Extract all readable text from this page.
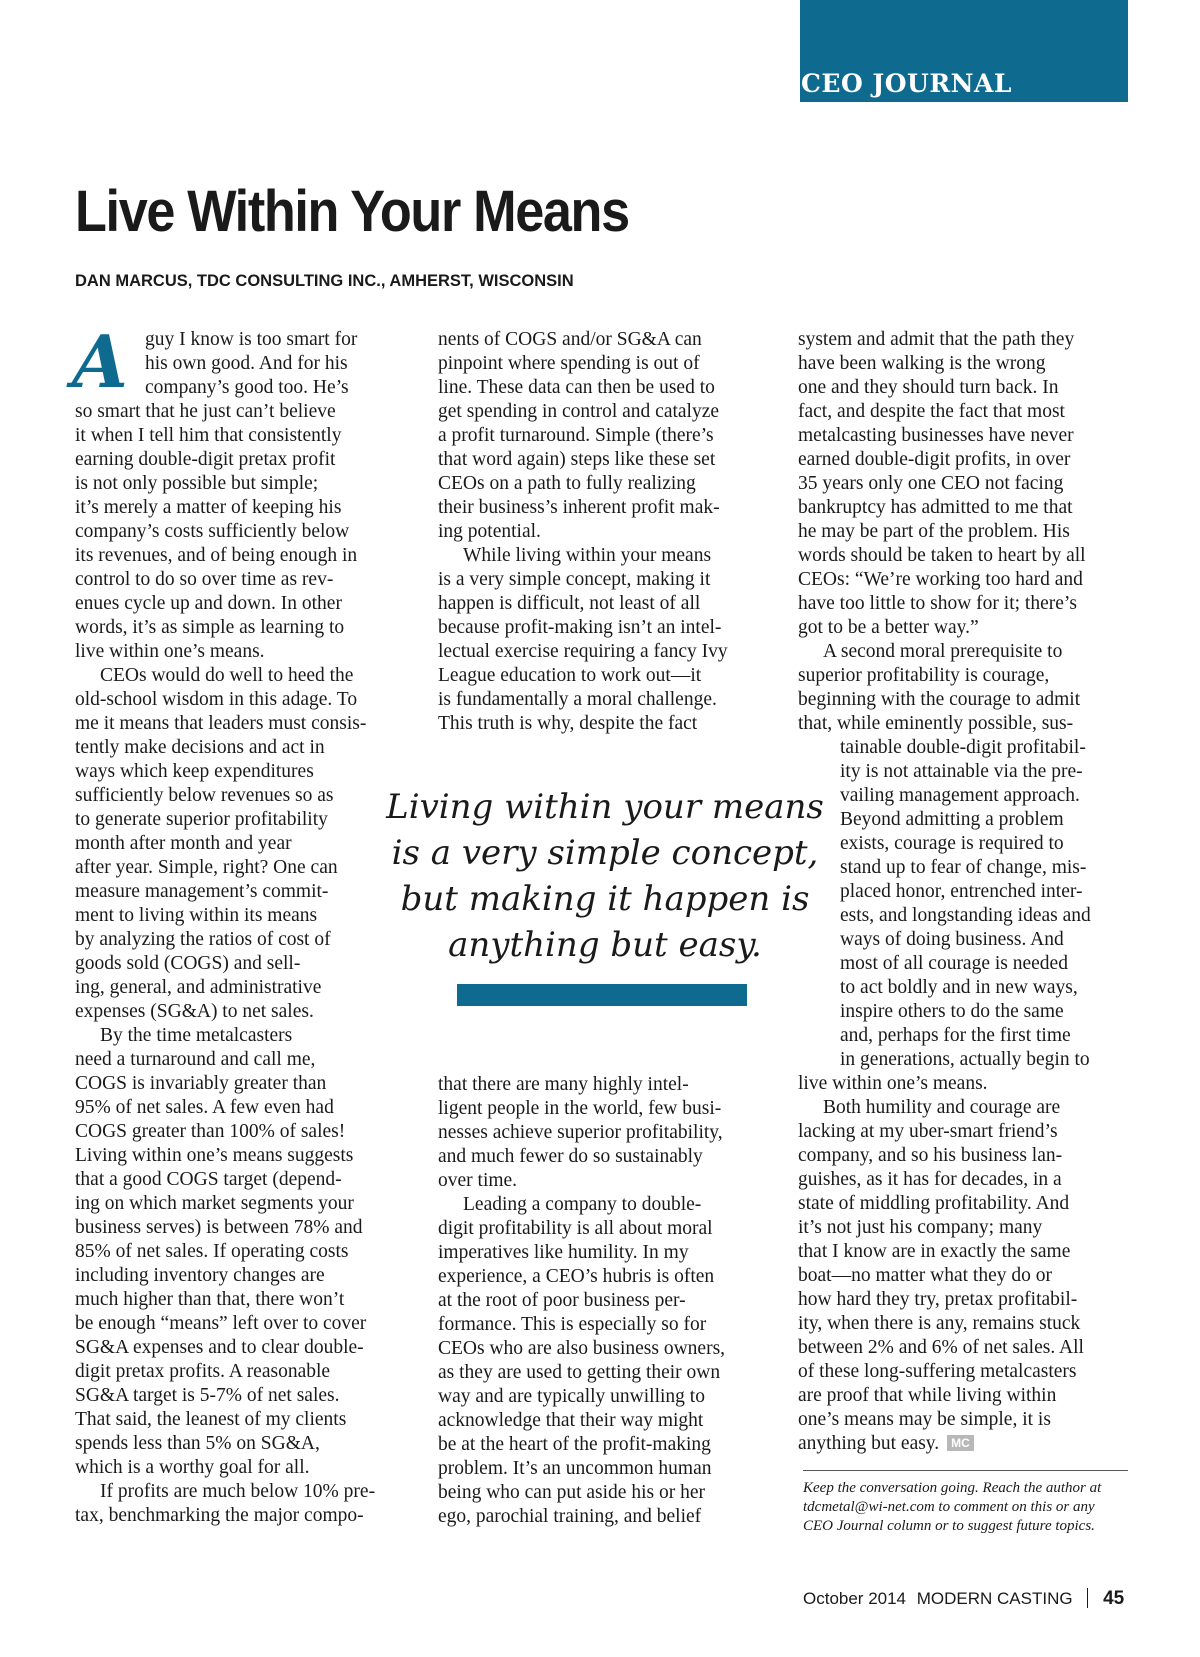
CEO JOURNAL
Live Within Your Means
DAN MARCUS, TDC CONSULTING INC., AMHERST, WISCONSIN
A guy I know is too smart for
his own good. And for his
company’s good too. He’s
so smart that he just can’t believe
it when I tell him that consistently
earning double-digit pretax profit
is not only possible but simple;
it’s merely a matter of keeping his
company’s costs sufficiently below
its revenues, and of being enough in
control to do so over time as rev-
enues cycle up and down. In other
words, it’s as simple as learning to
live within one’s means.
CEOs would do well to heed the
old-school wisdom in this adage. To
me it means that leaders must consis-
tently make decisions and act in
ways which keep expenditures
sufficiently below revenues so as
to generate superior profitability
month after month and year
after year. Simple, right? One can
measure management’s commit-
ment to living within its means
by analyzing the ratios of cost of
goods sold (COGS) and sell-
ing, general, and administrative
expenses (SG&A) to net sales.
By the time metalcasters
need a turnaround and call me,
COGS is invariably greater than
95% of net sales. A few even had
COGS greater than 100% of sales!
Living within one’s means suggests
that a good COGS target (depend-
ing on which market segments your
business serves) is between 78% and
85% of net sales. If operating costs
including inventory changes are
much higher than that, there won’t
be enough “means” left over to cover
SG&A expenses and to clear double-
digit pretax profits. A reasonable
SG&A target is 5-7% of net sales.
That said, the leanest of my clients
spends less than 5% on SG&A,
which is a worthy goal for all.
If profits are much below 10% pre-
tax, benchmarking the major compo-
nents of COGS and/or SG&A can
pinpoint where spending is out of
line. These data can then be used to
get spending in control and catalyze
a profit turnaround. Simple (there’s
that word again) steps like these set
CEOs on a path to fully realizing
their business’s inherent profit mak-
ing potential.
While living within your means
is a very simple concept, making it
happen is difficult, not least of all
because profit-making isn’t an intel-
lectual exercise requiring a fancy Ivy
League education to work out—it
is fundamentally a moral challenge.
This truth is why, despite the fact
that there are many highly intel-
ligent people in the world, few busi-
nesses achieve superior profitability,
and much fewer do so sustainably
over time.
Leading a company to double-
digit profitability is all about moral
imperatives like humility. In my
experience, a CEO’s hubris is often
at the root of poor business per-
formance. This is especially so for
CEOs who are also business owners,
as they are used to getting their own
way and are typically unwilling to
acknowledge that their way might
be at the heart of the profit-making
problem. It’s an uncommon human
being who can put aside his or her
ego, parochial training, and belief
system and admit that the path they
have been walking is the wrong
one and they should turn back. In
fact, and despite the fact that most
metalcasting businesses have never
earned double-digit profits, in over
35 years only one CEO not facing
bankruptcy has admitted to me that
he may be part of the problem. His
words should be taken to heart by all
CEOs: “We’re working too hard and
have too little to show for it; there’s
got to be a better way.”
A second moral prerequisite to
superior profitability is courage,
beginning with the courage to admit
that, while eminently possible, sus-
tainable double-digit profitabil-
ity is not attainable via the pre-
vailing management approach.
Beyond admitting a problem
exists, courage is required to
stand up to fear of change, mis-
placed honor, entrenched inter-
ests, and longstanding ideas and
ways of doing business. And
most of all courage is needed
to act boldly and in new ways,
inspire others to do the same
and, perhaps for the first time
in generations, actually begin to
live within one’s means.
Both humility and courage are
lacking at my uber-smart friend’s
company, and so his business lan-
guishes, as it has for decades, in a
state of middling profitability. And
it’s not just his company; many
that I know are in exactly the same
boat—no matter what they do or
how hard they try, pretax profitabil-
ity, when there is any, remains stuck
between 2% and 6% of net sales. All
of these long-suffering metalcasters
are proof that while living within
one’s means may be simple, it is
anything but easy. MC
Living within your means
is a very simple concept,
but making it happen is
anything but easy.
Keep the conversation going. Reach the author at
tdcmetal@wi-net.com to comment on this or any
CEO Journal column or to suggest future topics.
October 2014 MODERN CASTING 45
